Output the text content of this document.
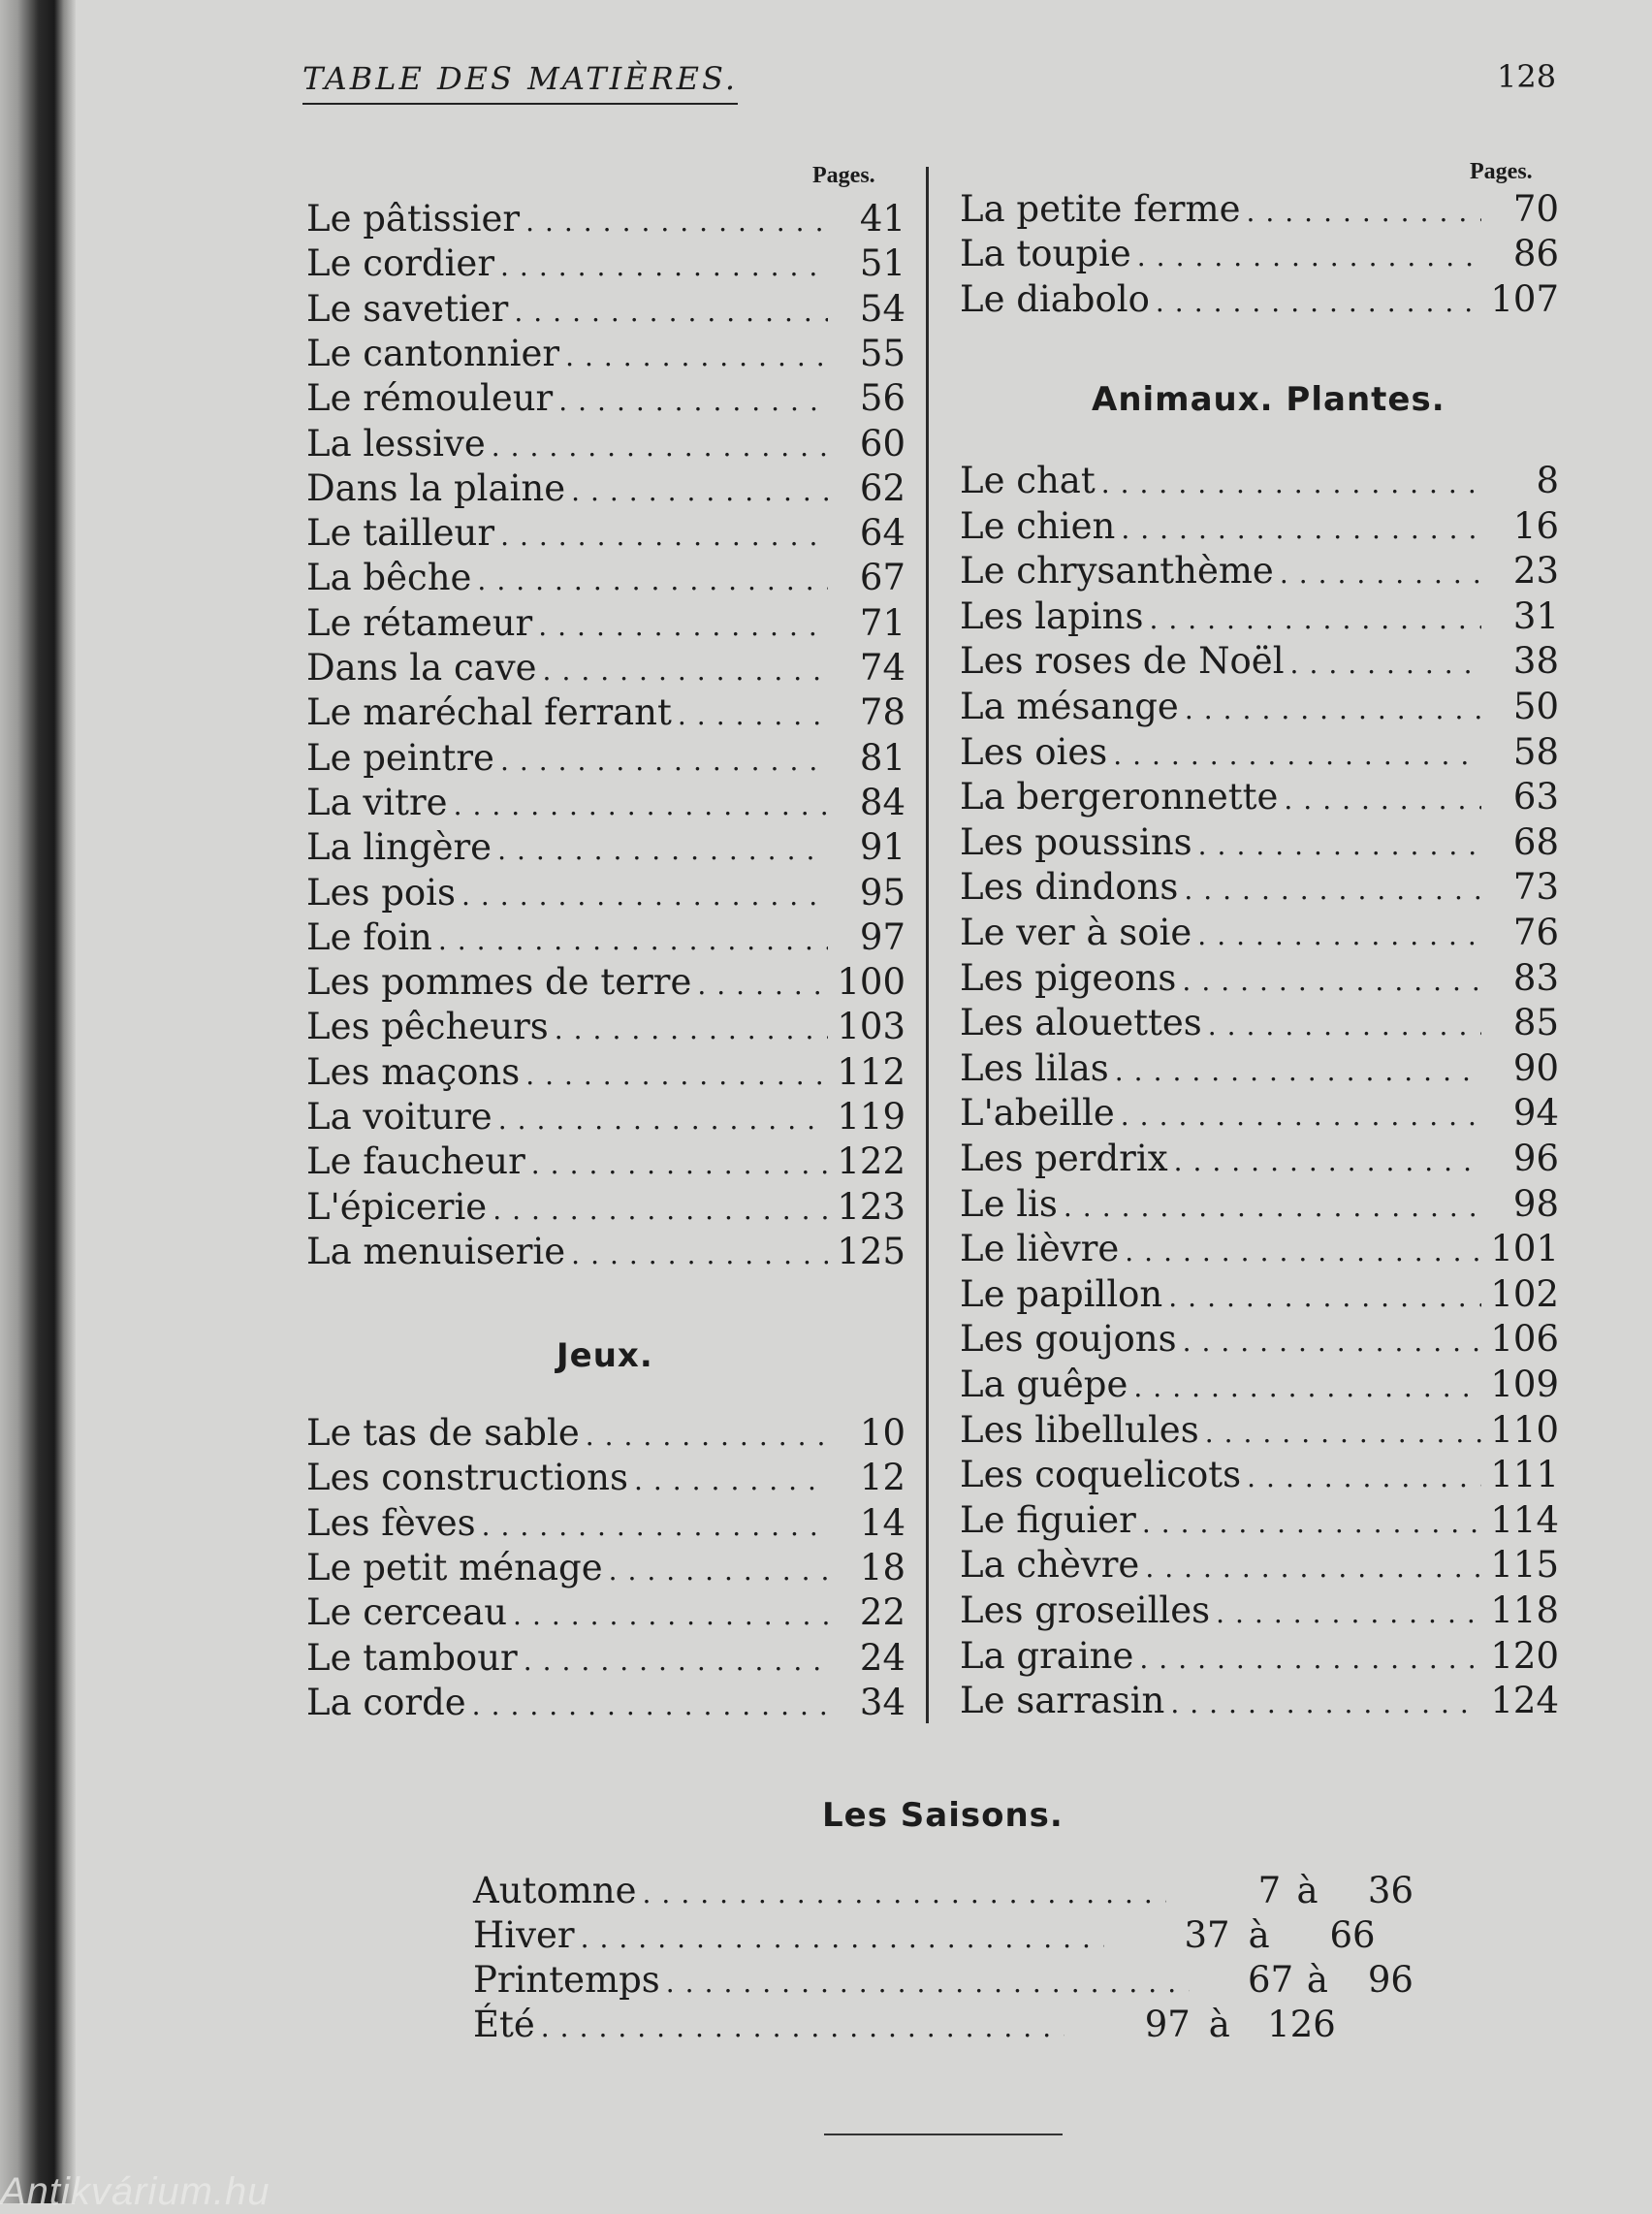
TABLE DES MATIÈRES.	128
Pages.	Pages.
Le pâtissier .....	41
Le cordier .....	51
Le savetier .....	54
Le cantonnier .....	55
Le rémouleur .....	56
La lessive .....	60
Dans la plaine .....	62
Le tailleur .....	64
La bêche .....	67
Le rétameur .....	71
Dans la cave .....	74
Le maréchal ferrant .....	78
Le peintre .....	81
La vitre .....	84
La lingère .....	91
Les pois .....	95
Le foin .....	97
Les pommes de terre .....	100
Les pêcheurs .....	103
Les maçons .....	112
La voiture .....	119
Le faucheur .....	122
L'épicerie .....	123
La menuiserie .....	125
Le tas de sable .....	10
Les constructions .....	12
Les fèves .....	14
Le petit ménage .....	18
Le cerceau .....	22
Le tambour .....	24
La corde .....	34
Jeux.
La petite ferme .....	70
La toupie .....	86
Le diabolo .....	107
Le chat .....	8
Le chien .....	16
Le chrysanthème .....	23
Les lapins .....	31
Les roses de Noël .....	38
La mésange .....	50
Les oies .....	58
La bergeronnette .....	63
Les poussins .....	68
Les dindons .....	73
Le ver à soie .....	76
Les pigeons .....	83
Les alouettes .....	85
Les lilas .....	90
L'abeille .....	94
Les perdrix .....	96
Le lis .....	98
Le lièvre .....	101
Le papillon .....	102
Les goujons .....	106
La guêpe .....	109
Les libellules .....	110
Les coquelicots .....	111
Le figuier .....	114
La chèvre .....	115
Les groseilles .....	118
La graine .....	120
Le sarrasin .....	124
Animaux. Plantes.
Les Saisons.
Automne .....	7 à	36
Hiver .....	37 à	66
Printemps .....	67 à	96
Été .....	97 à	126
Antikvárium.hu
